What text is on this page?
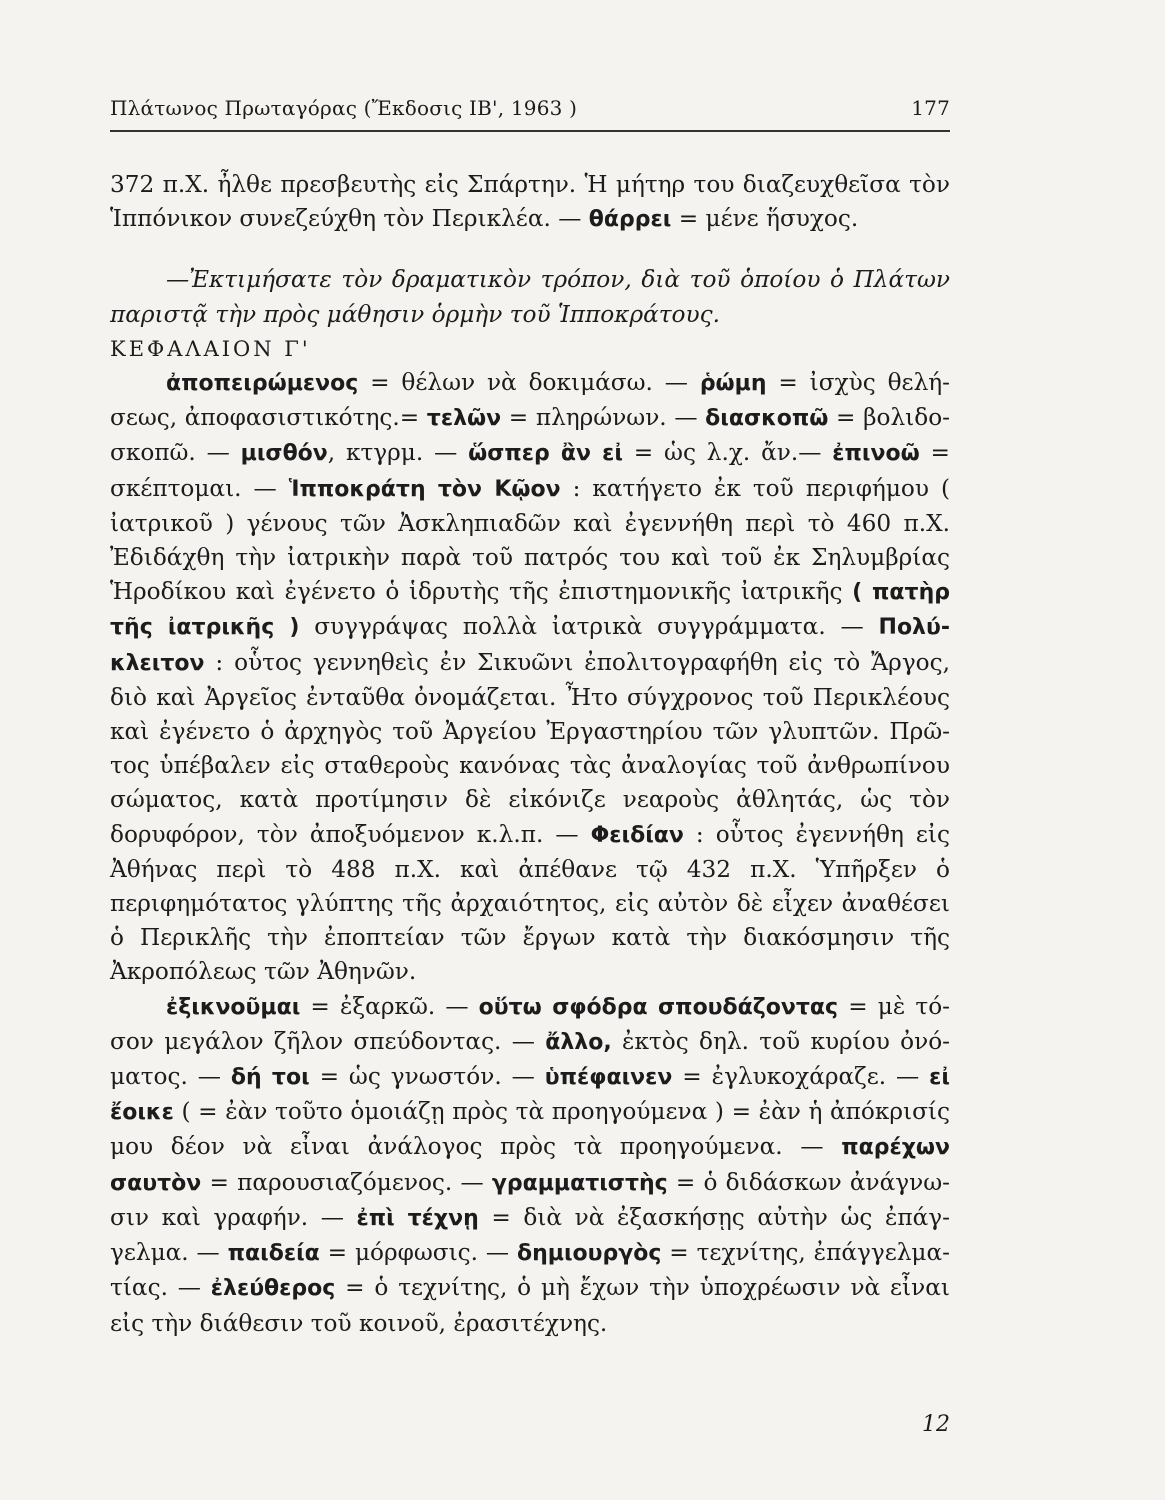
Πλάτωνος Πρωταγόρας (Ἔκδοσις ΙΒ', 1963 )	177

372 π.Χ. ἦλθε πρεσβευτὴς εἰς Σπάρτην. Ἡ μήτηρ του διαζευχθεῖσα τὸν Ἱππόνικον συνεζεύχθη τὸν Περικλέα. — θάρρει = μένε ἥσυχος.

—Ἐκτιμήσατε τὸν δραματικὸν τρόπον, διὰ τοῦ ὁποίου ὁ Πλάτων παριστᾷ τὴν πρὸς μάθησιν ὁρμὴν τοῦ Ἱπποκράτους.

ΚΕΦΑΛΑΙΟΝ Γ'

ἀποπειρώμενος = θέλων νὰ δοκιμάσω. — ῥώμη = ἰσχὺς θελήσεως, ἀποφασιστικότης.= τελῶν = πληρώνων. — διασκοπῶ = βολιδοσκοπῶ. — μισθόν, κτγρμ. — ὥσπερ ἂν εἰ = ὡς λ.χ. ἄν.— ἐπινοῶ = σκέπτομαι. — Ἱπποκράτη τὸν Κῷον : κατήγετο ἐκ τοῦ περιφήμου ( ἰατρικοῦ ) γένους τῶν Ἀσκληπιαδῶν καὶ ἐγεννήθη περὶ τὸ 460 π.Χ. Ἐδιδάχθη τὴν ἰατρικὴν παρὰ τοῦ πατρός του καὶ τοῦ ἐκ Σηλυμβρίας Ἡροδίκου καὶ ἐγένετο ὁ ἱδρυτὴς τῆς ἐπιστημονικῆς ἰατρικῆς ( πατὴρ τῆς ἰατρικῆς ) συγγράψας πολλὰ ἰατρικὰ συγγράμματα. — Πολύκλειτον : οὗτος γεννηθεὶς ἐν Σικυῶνι ἐπολιτογραφήθη εἰς τὸ Ἄργος, διὸ καὶ Ἀργεῖος ἐνταῦθα ὀνομάζεται. Ἦτο σύγχρονος τοῦ Περικλέους καὶ ἐγένετο ὁ ἀρχηγὸς τοῦ Ἀργείου Ἐργαστηρίου τῶν γλυπτῶν. Πρῶτος ὑπέβαλεν εἰς σταθεροὺς κανόνας τὰς ἀναλογίας τοῦ ἀνθρωπίνου σώματος, κατὰ προτίμησιν δὲ εἰκόνιζε νεαροὺς ἀθλητάς, ὡς τὸν δορυφόρον, τὸν ἀποξυόμενον κ.λ.π. — Φειδίαν : οὗτος ἐγεννήθη εἰς Ἀθήνας περὶ τὸ 488 π.Χ. καὶ ἀπέθανε τῷ 432 π.Χ. Ὑπῆρξεν ὁ περιφημότατος γλύπτης τῆς ἀρχαιότητος, εἰς αὐτὸν δὲ εἶχεν ἀναθέσει ὁ Περικλῆς τὴν ἐποπτείαν τῶν ἔργων κατὰ τὴν διακόσμησιν τῆς Ἀκροπόλεως τῶν Ἀθηνῶν.

ἐξικνοῦμαι = ἐξαρκῶ. — οὕτω σφόδρα σπουδάζοντας = μὲ τόσον μεγάλον ζῆλον σπεύδοντας. — ἄλλο, ἐκτὸς δηλ. τοῦ κυρίου ὀνόματος. — δή τοι = ὡς γνωστόν. — ὑπέφαινεν = ἐγλυκοχάραζε. — εἰ ἔοικε ( = ἐὰν τοῦτο ὁμοιάζῃ πρὸς τὰ προηγούμενα ) = ἐὰν ἡ ἀπόκρισίς μου δέον νὰ εἶναι ἀνάλογος πρὸς τὰ προηγούμενα. — παρέχων σαυτὸν = παρουσιαζόμενος. — γραμματιστὴς = ὁ διδάσκων ἀνάγνωσιν καὶ γραφήν. — ἐπὶ τέχνῃ = διὰ νὰ ἐξασκήσῃς αὐτὴν ὡς ἐπάγγελμα. — παιδεία = μόρφωσις. — δημιουργὸς = τεχνίτης, ἐπάγγελματίας. — ἐλεύθερος = ὁ τεχνίτης, ὁ μὴ ἔχων τὴν ὑποχρέωσιν νὰ εἶναι εἰς τὴν διάθεσιν τοῦ κοινοῦ, ἐρασιτέχνης.

12
